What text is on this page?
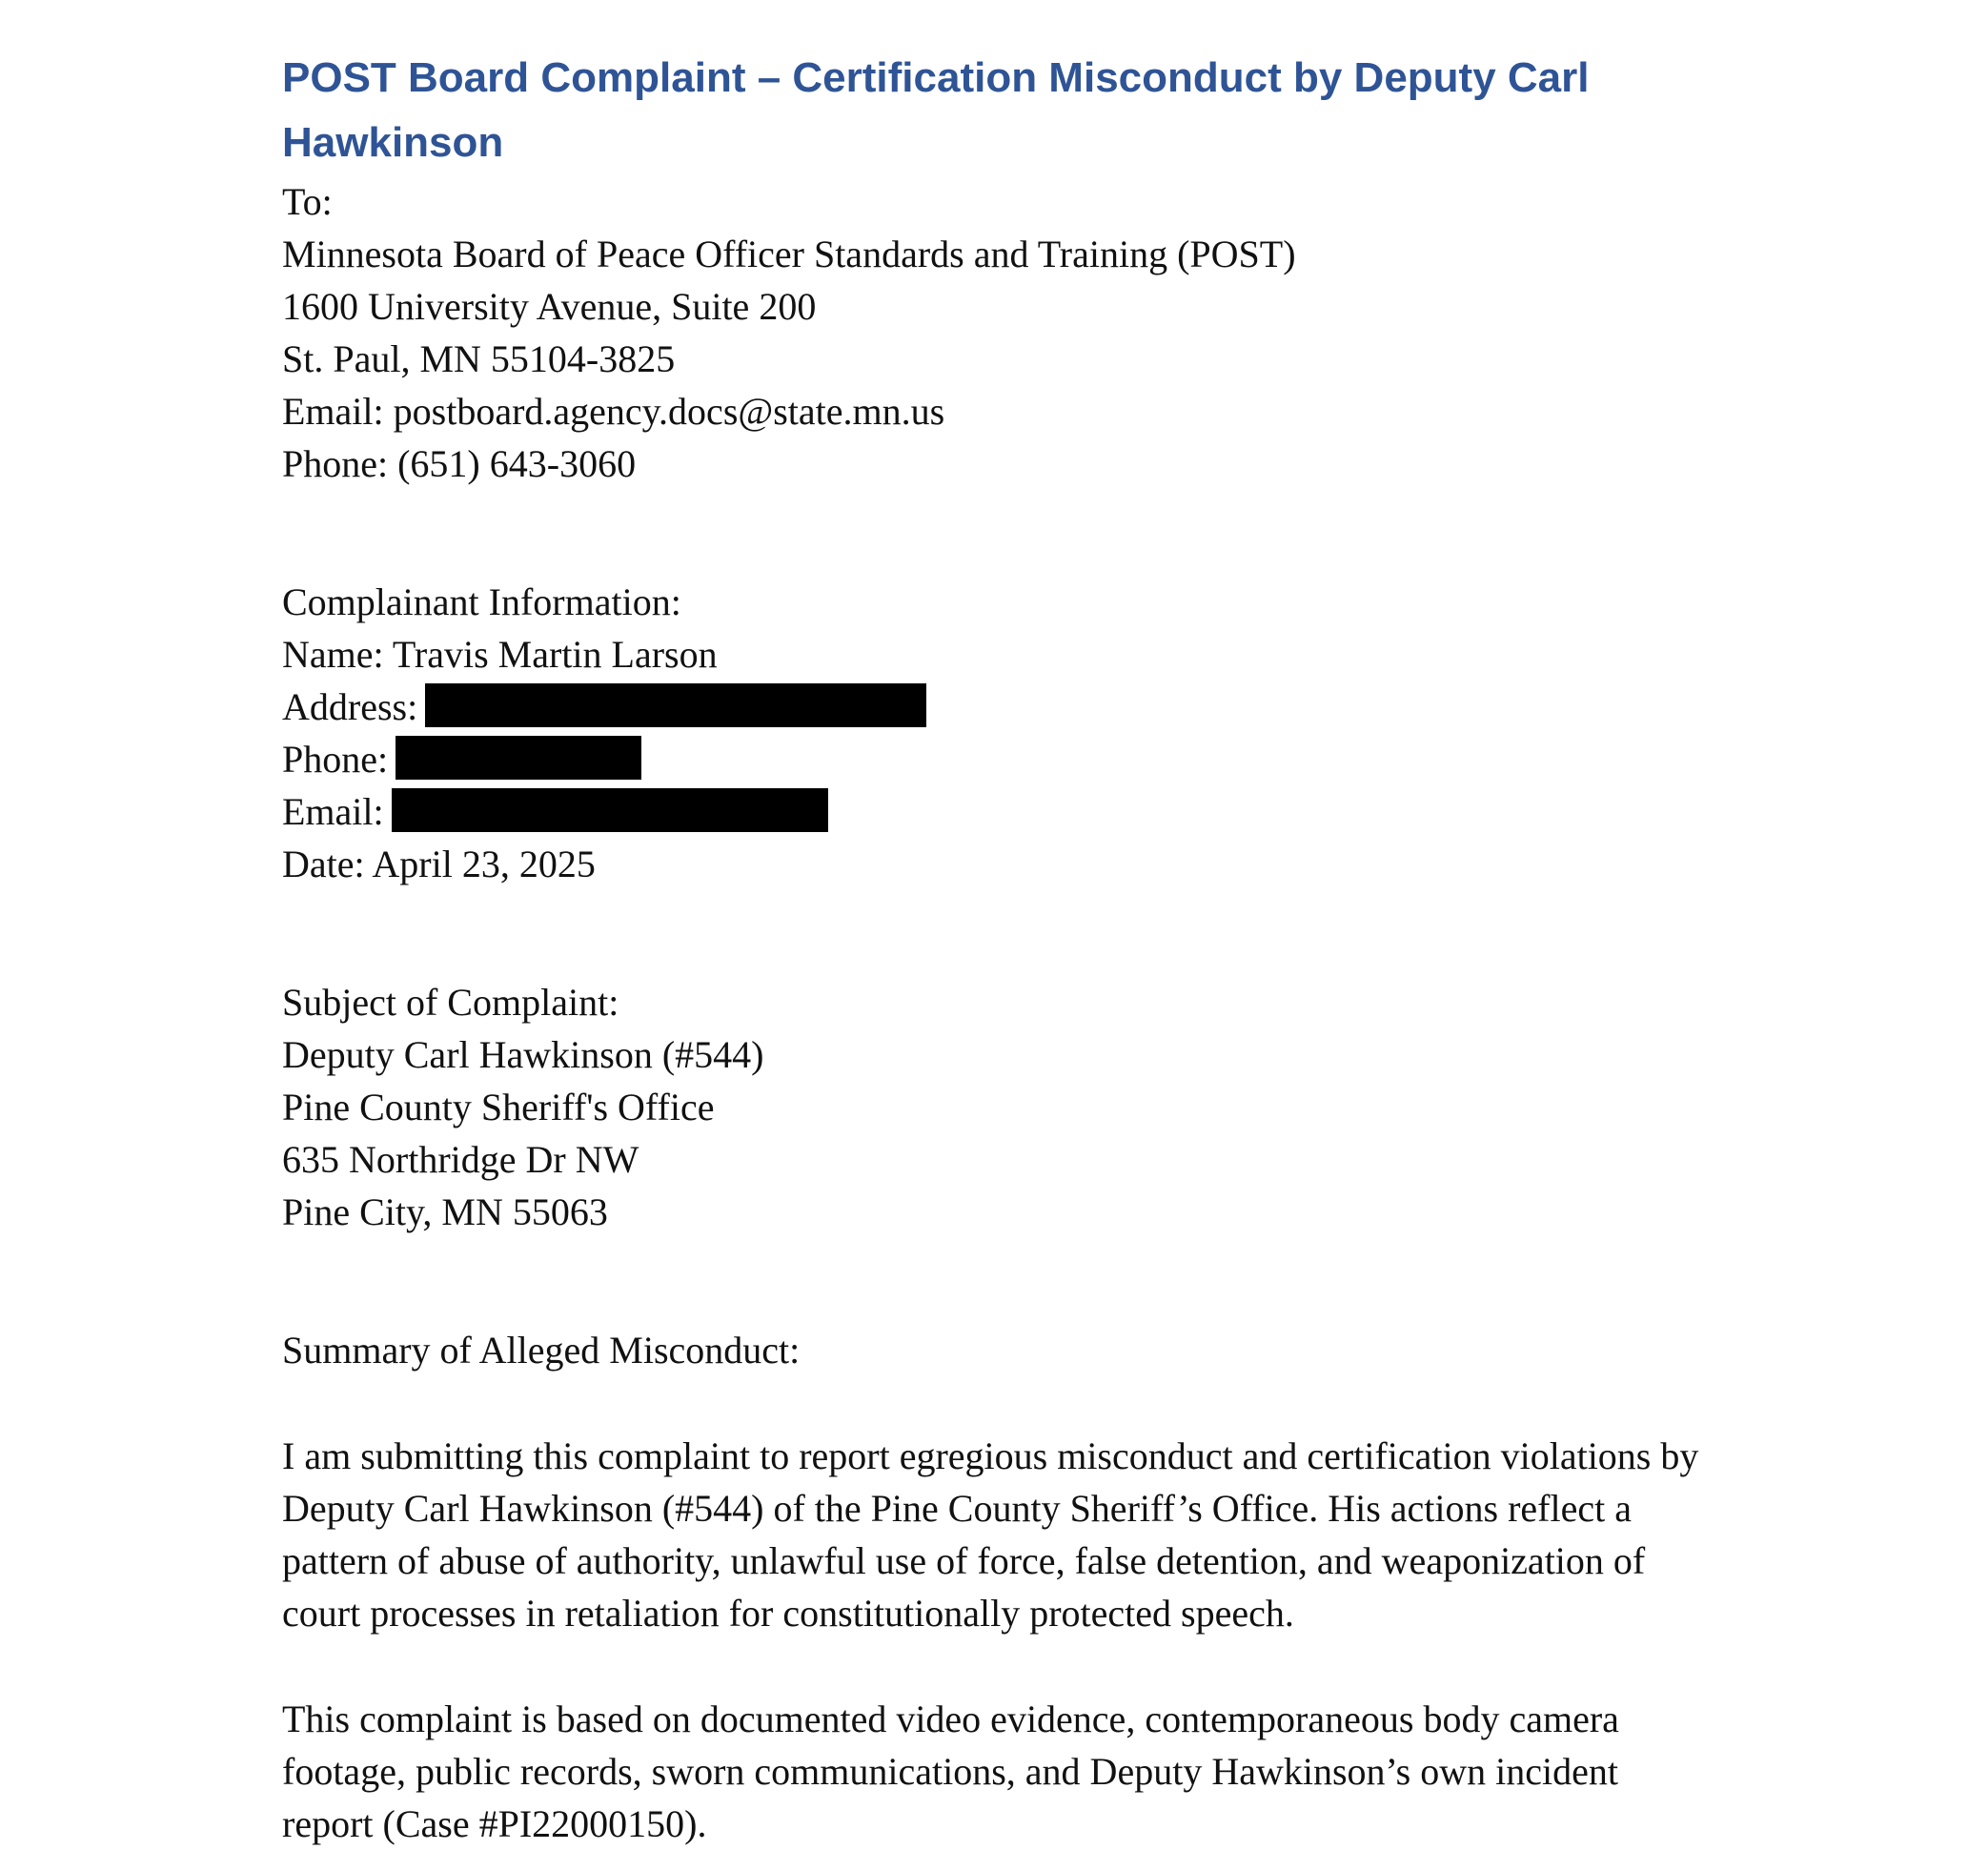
POST Board Complaint – Certification Misconduct by Deputy Carl Hawkinson

To:

Minnesota Board of Peace Officer Standards and Training (POST)

1600 University Avenue, Suite 200

St. Paul, MN 55104-3825

Email: postboard.agency.docs@state.mn.us

Phone: (651) 643-3060

Complainant Information:

Name: Travis Martin Larson

Address:

Phone:

Email:

Date: April 23, 2025

Subject of Complaint:

Deputy Carl Hawkinson (#544)

Pine County Sheriff's Office

635 Northridge Dr NW

Pine City, MN 55063

Summary of Alleged Misconduct:

I am submitting this complaint to report egregious misconduct and certification violations by Deputy Carl Hawkinson (#544) of the Pine County Sheriff’s Office. His actions reflect a pattern of abuse of authority, unlawful use of force, false detention, and weaponization of court processes in retaliation for constitutionally protected speech.

This complaint is based on documented video evidence, contemporaneous body camera footage, public records, sworn communications, and Deputy Hawkinson’s own incident report (Case #PI22000150).
